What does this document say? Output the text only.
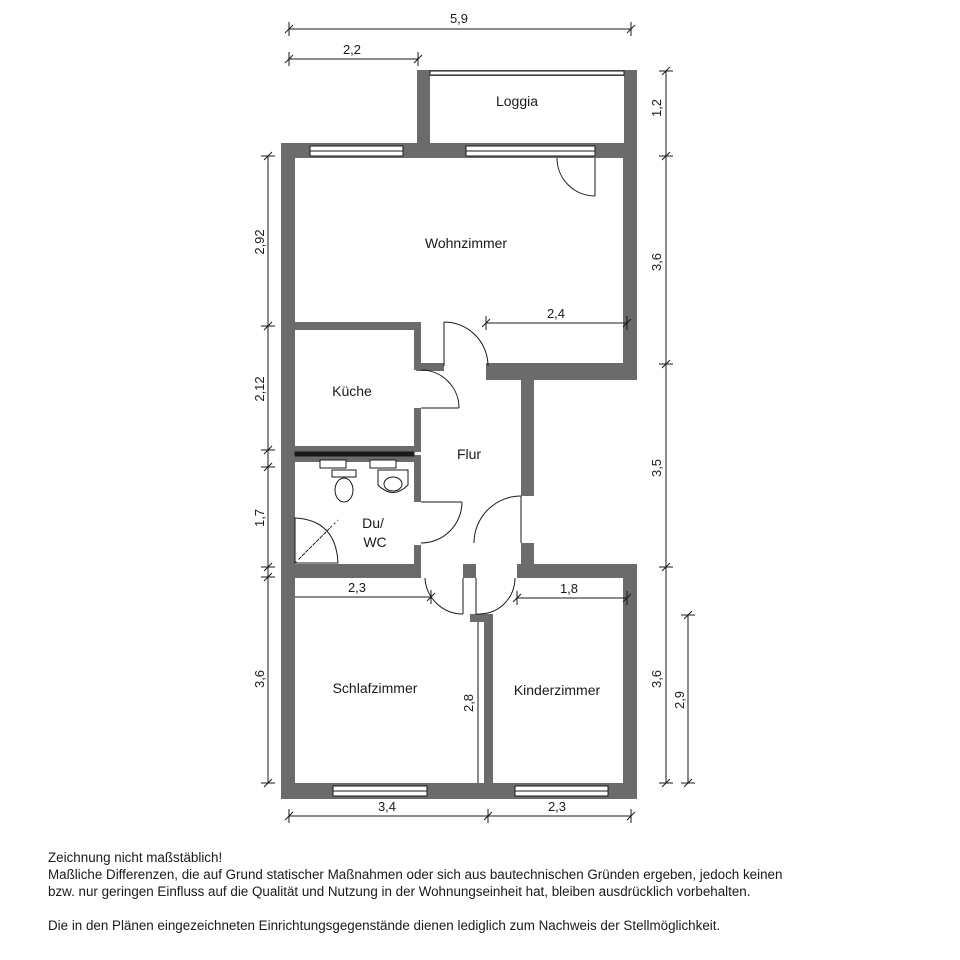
Loggia
Wohnzimmer
Küche
Flur
Du/
WC
Schlafzimmer	Kinderzimmer
5,9
2,2
1,2
3,6
3,5
3,6
2,9
2,92
2,12
1,7
3,6
2,4
2,3	1,8
2,8
3,4	2,3

Zeichnung nicht maßstäblich!

Maßliche Differenzen, die auf Grund statischer Maßnahmen oder sich aus bautechnischen Gründen ergeben, jedoch keinen

bzw. nur geringen Einfluss auf die Qualität und Nutzung in der Wohnungseinheit hat, bleiben ausdrücklich vorbehalten.

Die in den Plänen eingezeichneten Einrichtungsgegenstände dienen lediglich zum Nachweis der Stellmöglichkeit.
